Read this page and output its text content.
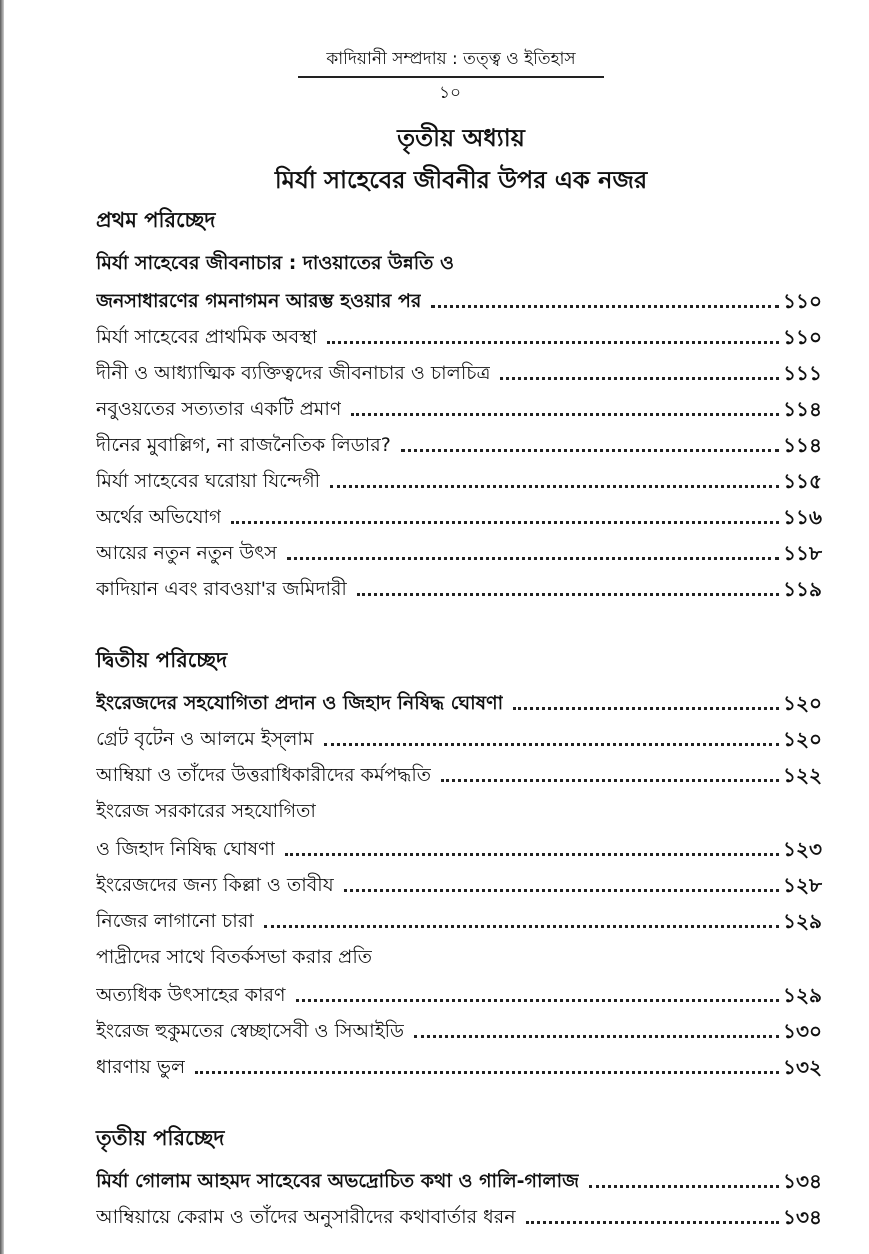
কাদিয়ানী সম্প্রদায় : তত্ত্ব ও ইতিহাস
১০
তৃতীয় অধ্যায়
মির্যা সাহেবের জীবনীর উপর এক নজর
প্রথম পরিচ্ছেদ
মির্যা সাহেবের জীবনাচার : দাওয়াতের উন্নতি ও
জনসাধারণের গমনাগমন আরম্ভ হওয়ার পর	১১০
মির্যা সাহেবের প্রাথমিক অবস্থা	১১০
দীনী ও আধ্যাত্মিক ব্যক্তিত্বদের জীবনাচার ও চালচিত্র	১১১
নবুওয়তের সত্যতার একটি প্রমাণ	১১৪
দীনের মুবাল্লিগ, না রাজনৈতিক লিডার?	১১৪
মির্যা সাহেবের ঘরোয়া যিন্দেগী	১১৫
অর্থের অভিযোগ	১১৬
আয়ের নতুন নতুন উৎস	১১৮
কাদিয়ান এবং রাবওয়া'র জমিদারী	১১৯
দ্বিতীয় পরিচ্ছেদ
ইংরেজদের সহযোগিতা প্রদান ও জিহাদ নিষিদ্ধ ঘোষণা	১২০
গ্রেট বৃটেন ও আলমে ইস্‌লাম	১২০
আম্বিয়া ও তাঁদের উত্তরাধিকারীদের কর্মপদ্ধতি	১২২
ইংরেজ সরকারের সহযোগিতা
ও জিহাদ নিষিদ্ধ ঘোষণা	১২৩
ইংরেজদের জন্য কিল্লা ও তাবীয	১২৮
নিজের লাগানো চারা	১২৯
পাদ্রীদের সাথে বিতর্কসভা করার প্রতি
অত্যধিক উৎসাহের কারণ	১২৯
ইংরেজ হুকুমতের স্বেচ্ছাসেবী ও সিআইডি	১৩০
ধারণায় ভুল	১৩২
তৃতীয় পরিচ্ছেদ
মির্যা গোলাম আহমদ সাহেবের অভদ্রোচিত কথা ও গালি-গালাজ	১৩৪
আম্বিয়ায়ে কেরাম ও তাঁদের অনুসারীদের কথাবার্তার ধরন	১৩৪
